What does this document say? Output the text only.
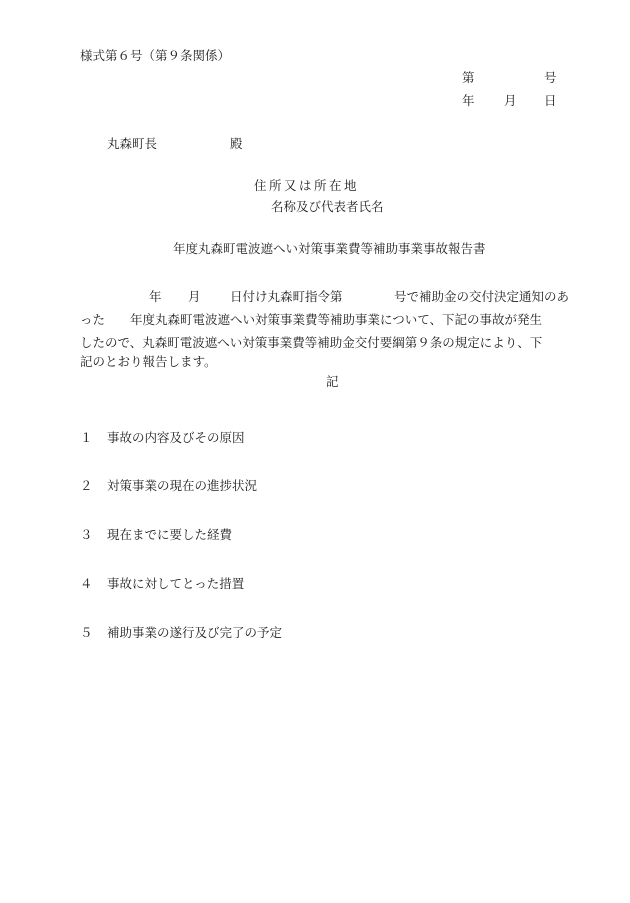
様式第６号（第９条関係）
第	号
年 月 日
丸森町長	殿
住所又は所在地
名称及び代表者氏名
年度丸森町電波遮へい対策事業費等補助事業事故報告書
年 月 日付け丸森町指令第	号で補助金の交付決定通知のあ
った 年度丸森町電波遮へい対策事業費等補助事業について、下記の事故が発生
したので、丸森町電波遮へい対策事業費等補助金交付要綱第９条の規定により、下
記のとおり報告します。
記
１ 事故の内容及びその原因
２ 対策事業の現在の進捗状況
３ 現在までに要した経費
４ 事故に対してとった措置
５ 補助事業の遂行及び完了の予定
